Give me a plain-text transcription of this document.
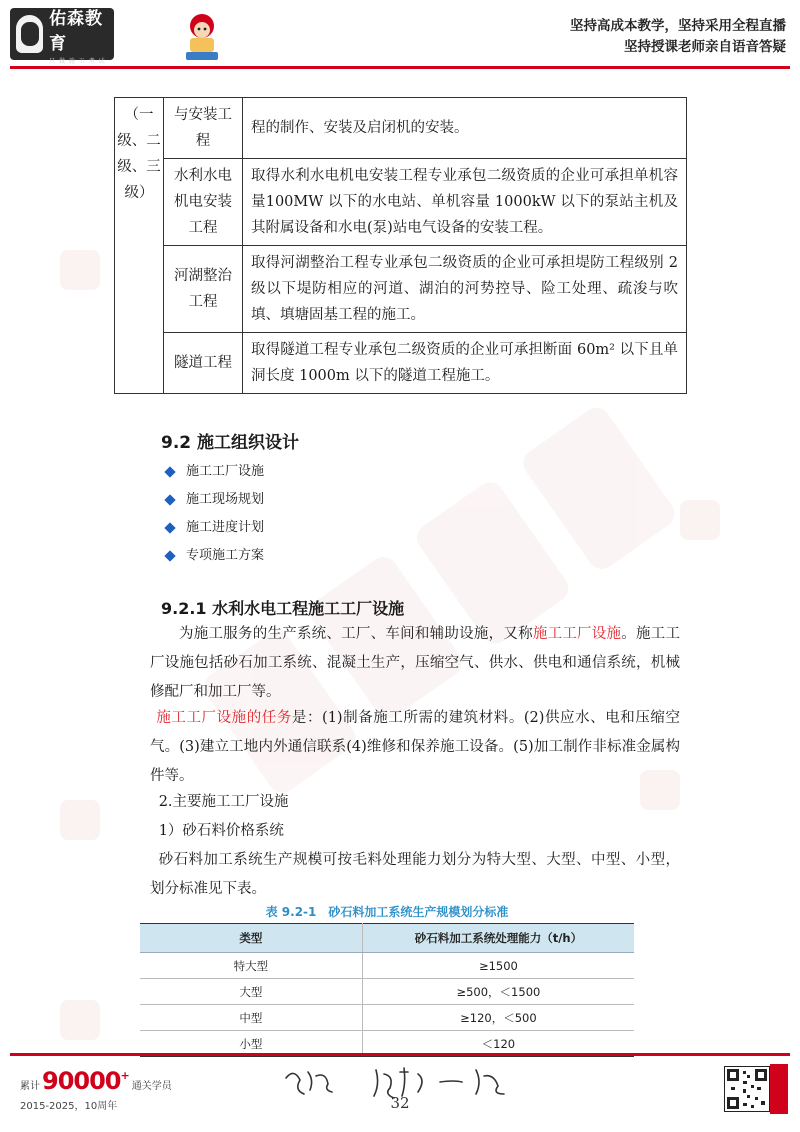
佑森教育
只 做 施 工 考 试
坚持高成本教学，坚持采用全程直播
坚持授课老师亲自语音答疑
（一级、二级、三级）	与安装工程	程的制作、安装及启闭机的安装。
	水利水电机电安装工程	取得水利水电机电安装工程专业承包二级资质的企业可承担单机容量100MW 以下的水电站、单机容量 1000kW 以下的泵站主机及其附属设备和水电(泵)站电气设备的安装工程。
	河湖整治工程	取得河湖整治工程专业承包二级资质的企业可承担堤防工程级别 2 级以下堤防相应的河道、湖泊的河势控导、险工处理、疏浚与吹填、填塘固基工程的施工。
	隧道工程	取得隧道工程专业承包二级资质的企业可承担断面 60m² 以下且单洞长度 1000m 以下的隧道工程施工。
9.2 施工组织设计
施工工厂设施
施工现场规划
施工进度计划
专项施工方案
9.2.1 水利水电工程施工工厂设施

为施工服务的生产系统、工厂、车间和辅助设施，又称施工工厂设施。施工工厂设施包括砂石加工系统、混凝土生产，压缩空气、供水、供电和通信系统，机械修配厂和加工厂等。

施工工厂设施的任务是：(1)制备施工所需的建筑材料。(2)供应水、电和压缩空气。(3)建立工地内外通信联系(4)维修和保养施工设备。(5)加工制作非标准金属构件等。

2.主要施工工厂设施

1）砂石料价格系统

砂石料加工系统生产规模可按毛料处理能力划分为特大型、大型、中型、小型，划分标准见下表。

表 9.2-1　砂石料加工系统生产规模划分标准
类型	砂石料加工系统处理能力（t/h）
特大型	≥1500
大型	≥500，＜1500
中型	≥120，＜500
小型	＜120
累计 90000 +
通关学员
2015-2025，10周年	32
